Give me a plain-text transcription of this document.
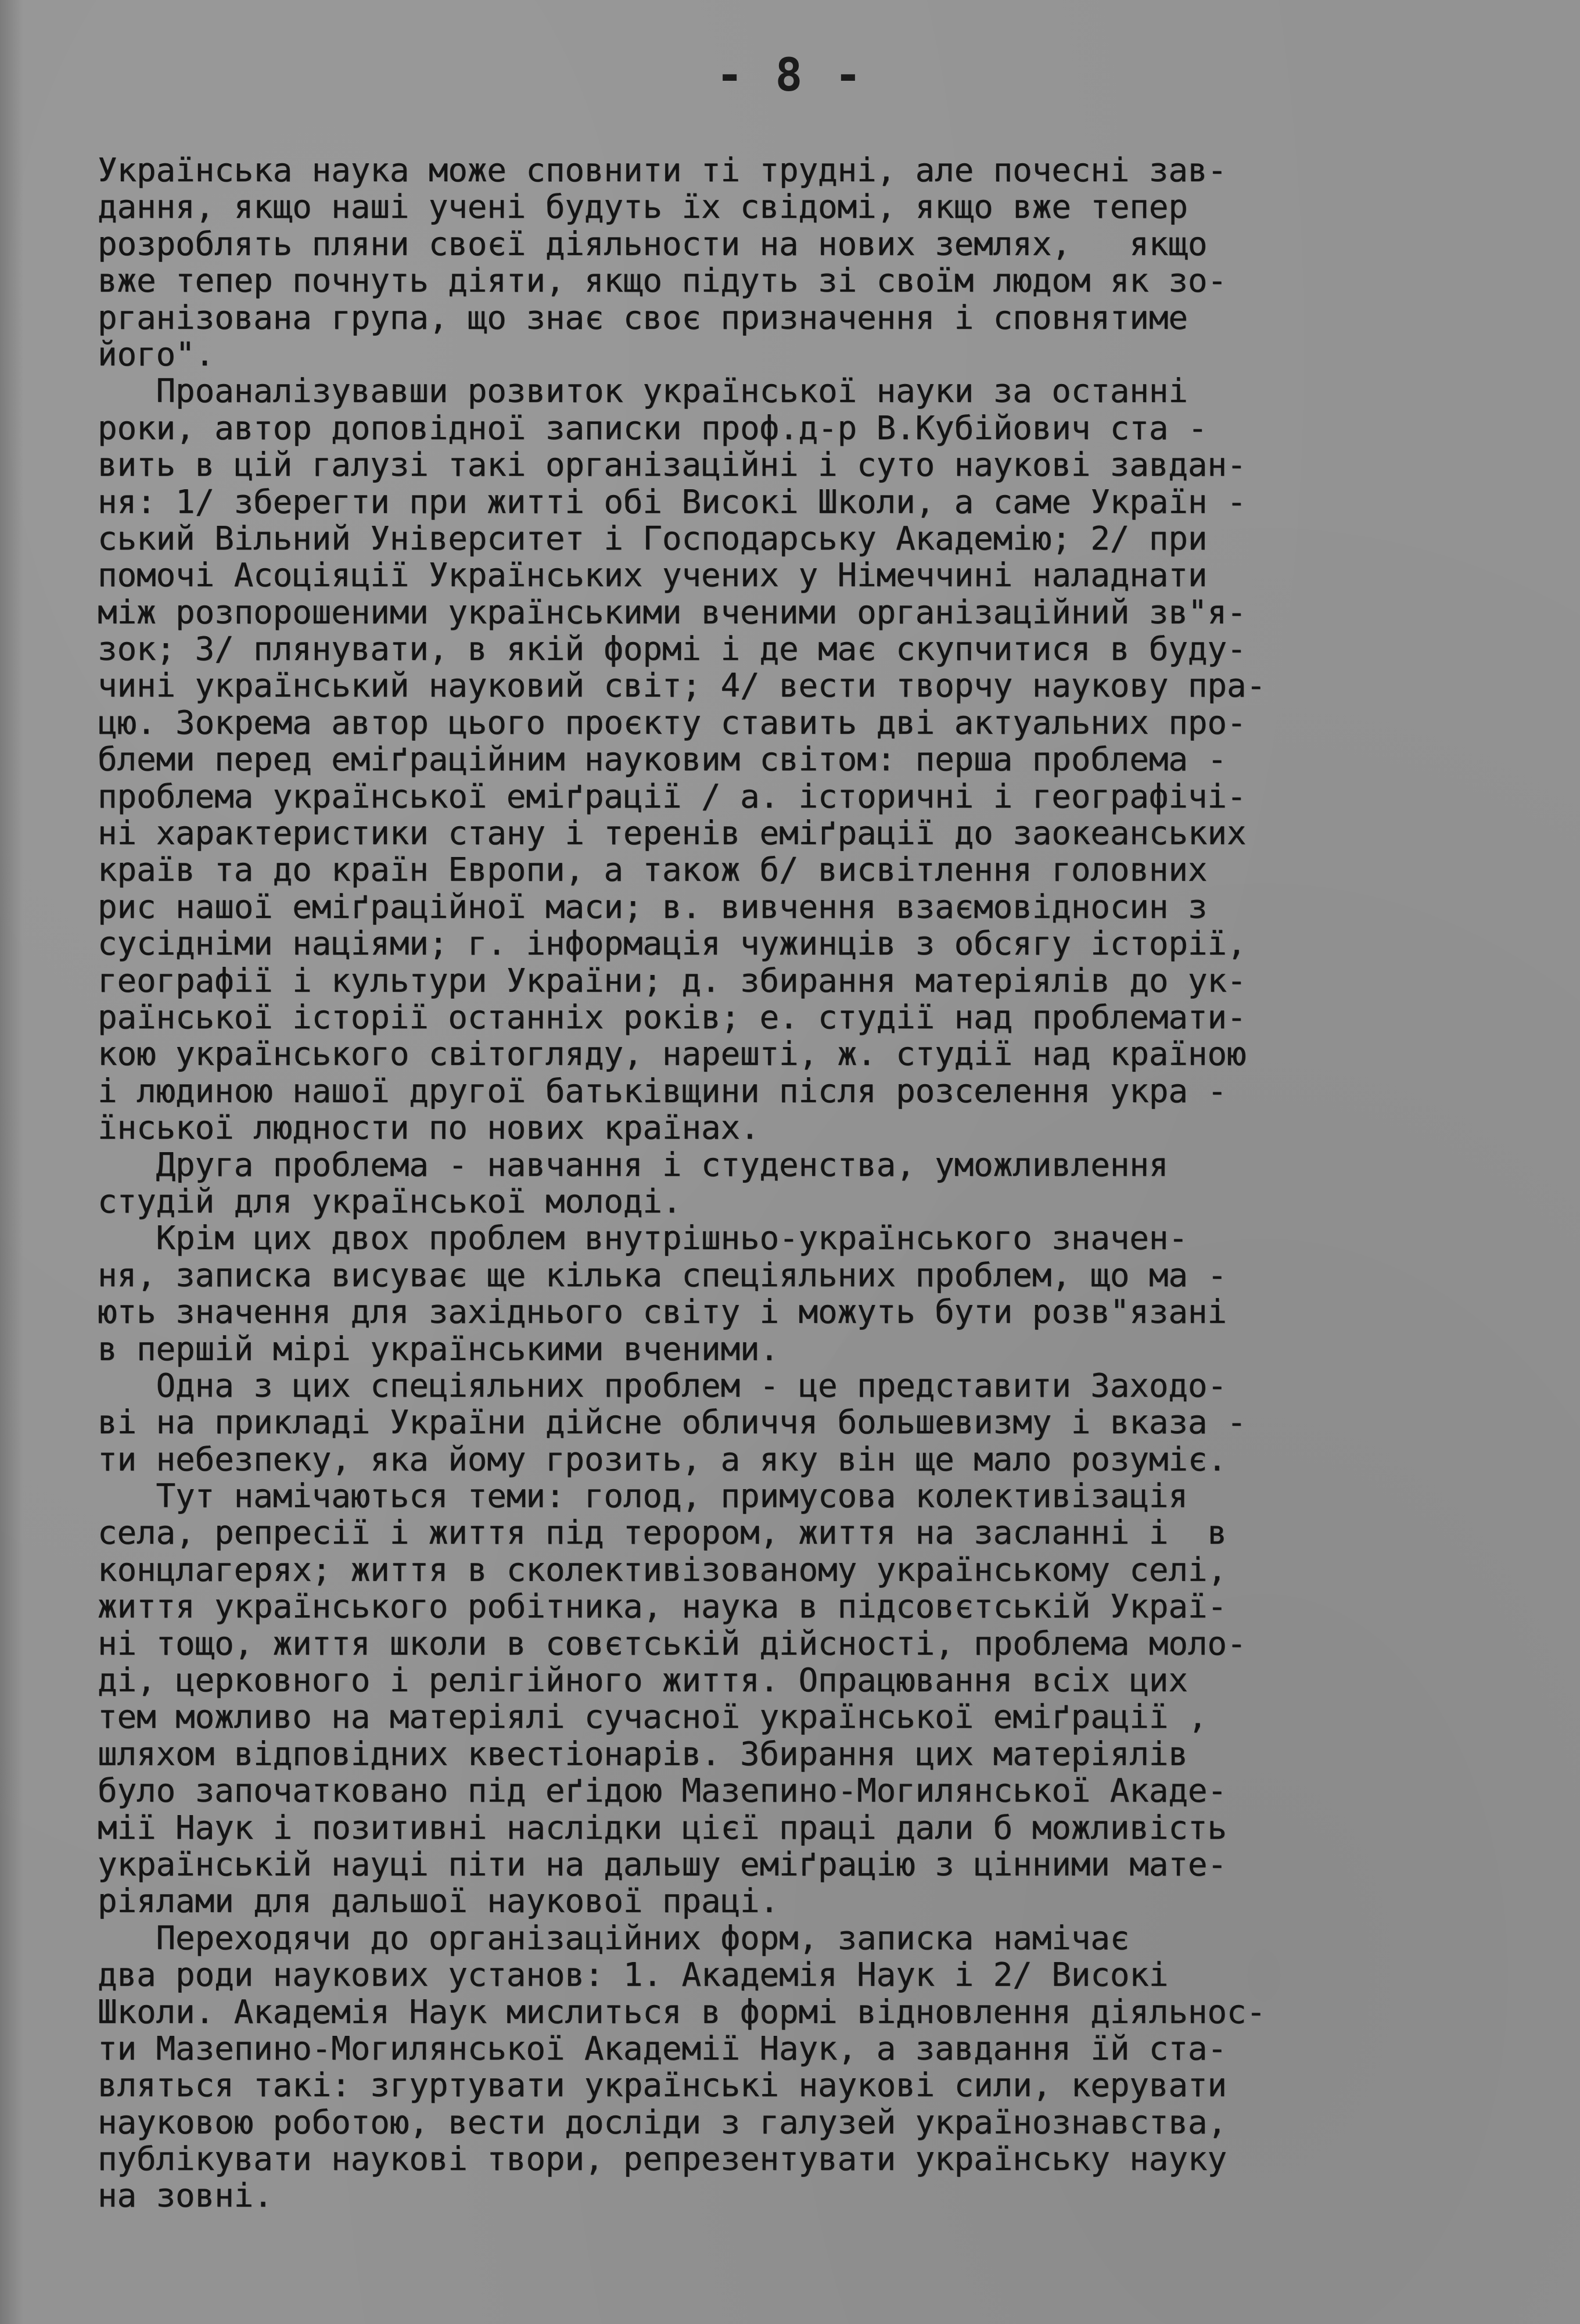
- 8 -
Українська наука може сповнити ті трудні, але почесні зав-
дання, якщо наші учені будуть їх свідомі, якщо вже тепер
розроблять пляни своєї діяльности на нових землях,   якщо
вже тепер почнуть діяти, якщо підуть зі своїм людом як зо-
рганізована група, що знає своє призначення і сповнятиме
його".
Проаналізувавши розвиток української науки за останні
роки, автор доповідної записки проф.д-р В.Кубійович ста -
вить в цій галузі такі організаційні і суто наукові завдан-
ня: 1/ зберегти при житті обі Високі Школи, а саме Україн -
ський Вільний Університет і Господарську Академію; 2/ при
помочі Асоціяції Українських учених у Німеччині наладнати
між розпорошеними українськими вченими організаційний зв"я-
зок; 3/ плянувати, в якій формі і де має скупчитися в буду-
чині український науковий світ; 4/ вести творчу наукову пра-
цю. Зокрема автор цього проєкту ставить дві актуальних про-
блеми перед еміґраційним науковим світом: перша проблема -
проблема української еміґрації / а. історичні і географічі-
ні характеристики стану і теренів еміґрації до заокеанських
країв та до країн Европи, а також б/ висвітлення головних
рис нашої еміґраційної маси; в. вивчення взаємовідносин з
сусідніми націями; г. інформація чужинців з обсягу історії,
географії і культури України; д. збирання матеріялів до ук-
раїнської історії останніх років; е. студії над проблемати-
кою українського світогляду, нарешті, ж. студії над країною
і людиною нашої другої батьківщини після розселення укра -
їнської людности по нових країнах.
Друга проблема - навчання і студенства, уможливлення
студій для української молоді.
Крім цих двох проблем внутрішньо-українського значен-
ня, записка висуває ще кілька спеціяльних проблем, що ма -
ють значення для західнього світу і можуть бути розв"язані
в першій мірі українськими вченими.
Одна з цих спеціяльних проблем - це представити Заходо-
ві на прикладі України дійсне обличчя большевизму і вказа -
ти небезпеку, яка йому грозить, а яку він ще мало розуміє.
Тут намічаються теми: голод, примусова колективізація
села, репресії і життя під терором, життя на засланні і  в
концлагерях; життя в сколективізованому українському селі,
життя українського робітника, наука в підсовєтській Украї-
ні тощо, життя школи в совєтській дійсності, проблема моло-
ді, церковного і релігійного життя. Опрацювання всіх цих
тем можливо на матеріялі сучасної української еміґрації ,
шляхом відповідних квестіонарів. Збирання цих матеріялів
було започатковано під еґідою Мазепино-Могилянської Акаде-
мії Наук і позитивні наслідки цієї праці дали б можливість
українській науці піти на дальшу еміґрацію з цінними мате-
ріялами для дальшої наукової праці.
Переходячи до організаційних форм, записка намічає
два роди наукових установ: 1. Академія Наук і 2/ Високі
Школи. Академія Наук мислиться в формі відновлення діяльнос-
ти Мазепино-Могилянської Академії Наук, а завдання їй ста-
вляться такі: згуртувати українські наукові сили, керувати
науковою роботою, вести досліди з галузей українознавства,
публікувати наукові твори, репрезентувати українську науку
на зовні.
